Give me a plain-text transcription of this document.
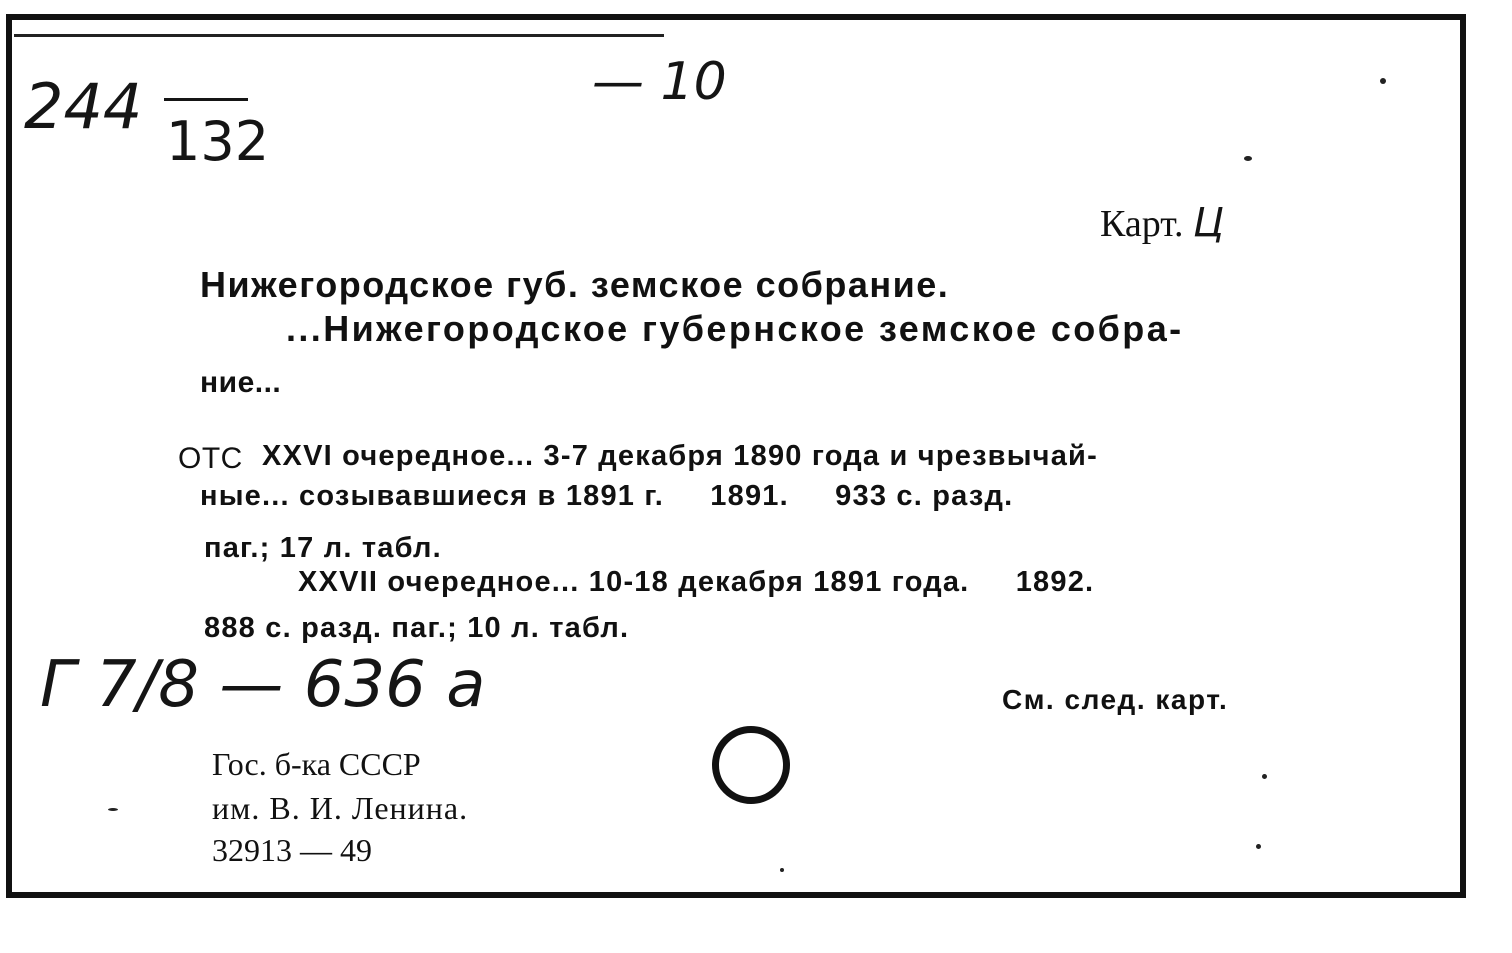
244 132
— 10
Карт. Ц
Нижегородское губ. земское собрание.
...Нижегородское губернское земское собра-
ние...
ОТС XXVI очередное... 3-7 декабря 1890 года и чрезвычай-
ные... созывавшиеся в 1891 г.     1891.     933 с. разд.
паг.; 17 л. табл.
XXVII очередное... 10-18 декабря 1891 года.     1892.
888 с. разд. паг.; 10 л. табл.
Г 7/8 — 636 а	См. след. карт.
Гос. б-ка СССР
им. В. И. Ленина.
32913 — 49
